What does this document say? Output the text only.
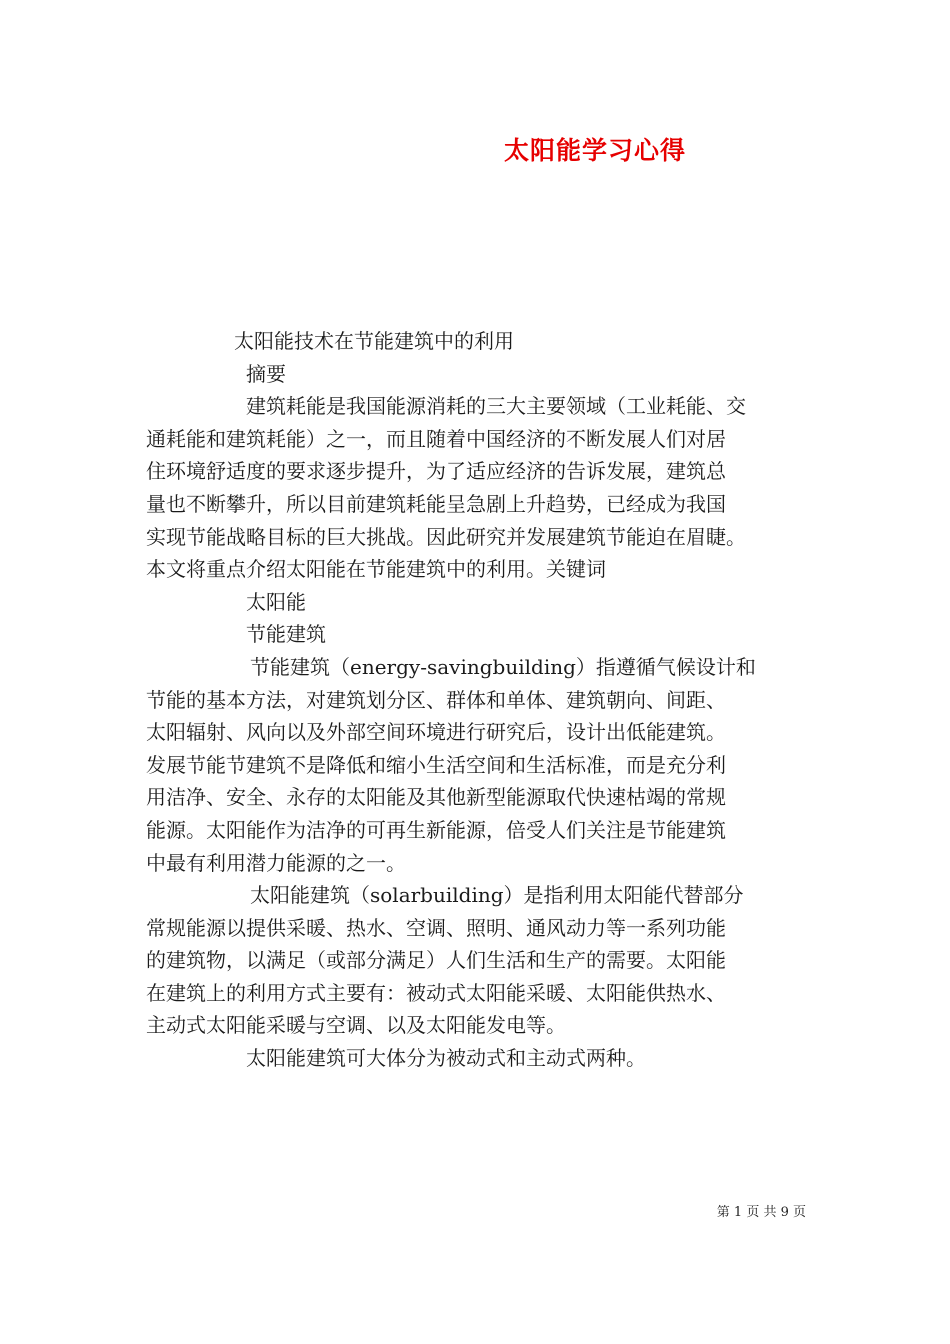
太阳能学习心得
太阳能技术在节能建筑中的利用
摘要
建筑耗能是我国能源消耗的三大主要领域（工业耗能、交
通耗能和建筑耗能）之一，而且随着中国经济的不断发展人们对居
住环境舒适度的要求逐步提升，为了适应经济的告诉发展，建筑总
量也不断攀升，所以目前建筑耗能呈急剧上升趋势，已经成为我国
实现节能战略目标的巨大挑战。因此研究并发展建筑节能迫在眉睫。
本文将重点介绍太阳能在节能建筑中的利用。关键词
太阳能
节能建筑
节能建筑（energy-savingbuilding）指遵循气候设计和
节能的基本方法，对建筑划分区、群体和单体、建筑朝向、间距、
太阳辐射、风向以及外部空间环境进行研究后，设计出低能建筑。
发展节能节建筑不是降低和缩小生活空间和生活标准，而是充分利
用洁净、安全、永存的太阳能及其他新型能源取代快速枯竭的常规
能源。太阳能作为洁净的可再生新能源，倍受人们关注是节能建筑
中最有利用潜力能源的之一。
太阳能建筑（solarbuilding）是指利用太阳能代替部分
常规能源以提供采暖、热水、空调、照明、通风动力等一系列功能
的建筑物，以满足（或部分满足）人们生活和生产的需要。太阳能
在建筑上的利用方式主要有：被动式太阳能采暖、太阳能供热水、
主动式太阳能采暖与空调、以及太阳能发电等。
太阳能建筑可大体分为被动式和主动式两种。
第 1 页 共 9 页
